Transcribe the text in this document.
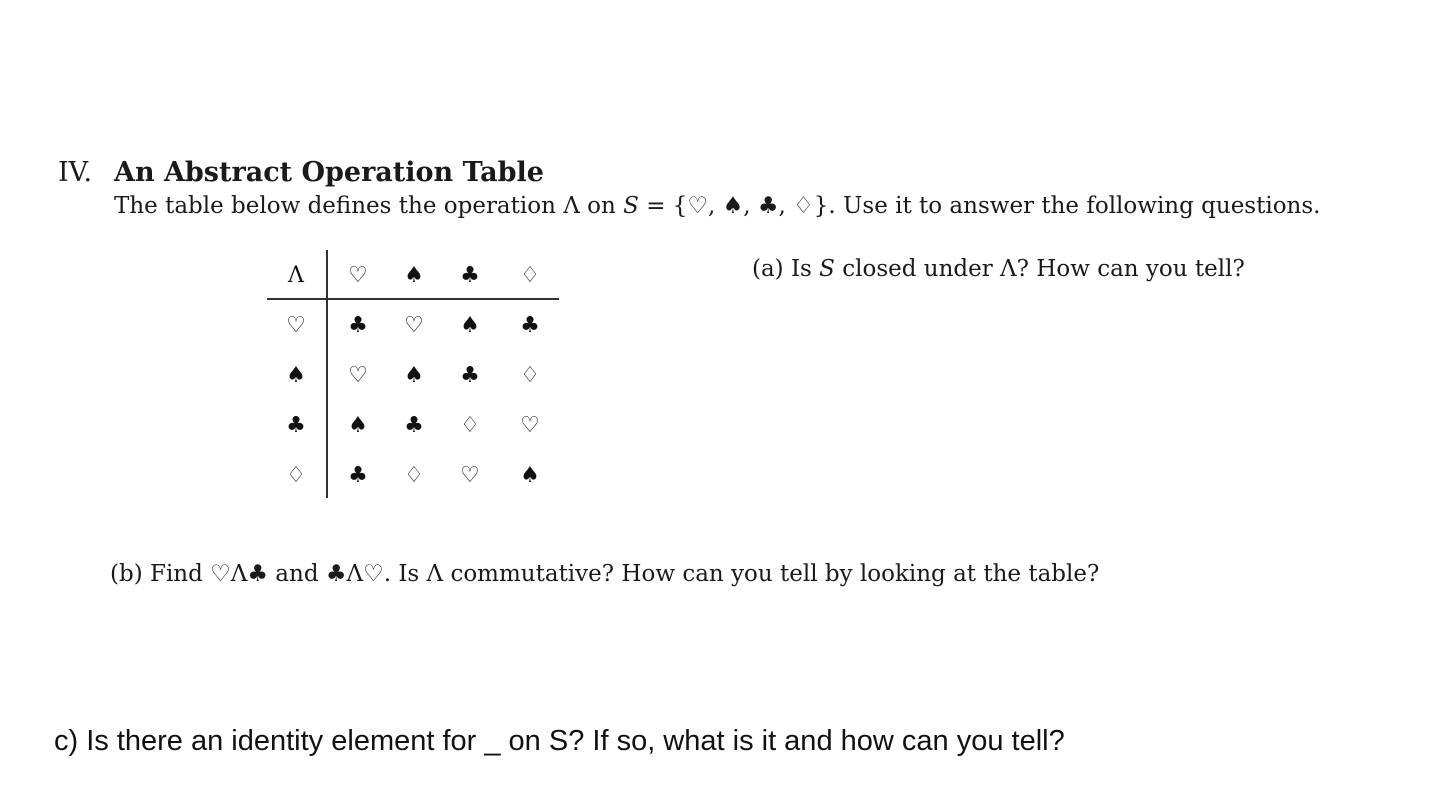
IV. An Abstract Operation Table
The table below defines the operation Λ on S = {♡, ♠, ♣, ♢}. Use it to answer the following questions.
Λ	♡	♠	♣	♢
♡	♣	♡	♠	♣
♠	♡	♠	♣	♢
♣	♠	♣	♢	♡
♢	♣	♢	♡	♠
(a) Is S closed under Λ? How can you tell?
(b) Find ♡Λ♣ and ♣Λ♡. Is Λ commutative? How can you tell by looking at the table?
c) Is there an identity element for _ on S? If so, what is it and how can you tell?
